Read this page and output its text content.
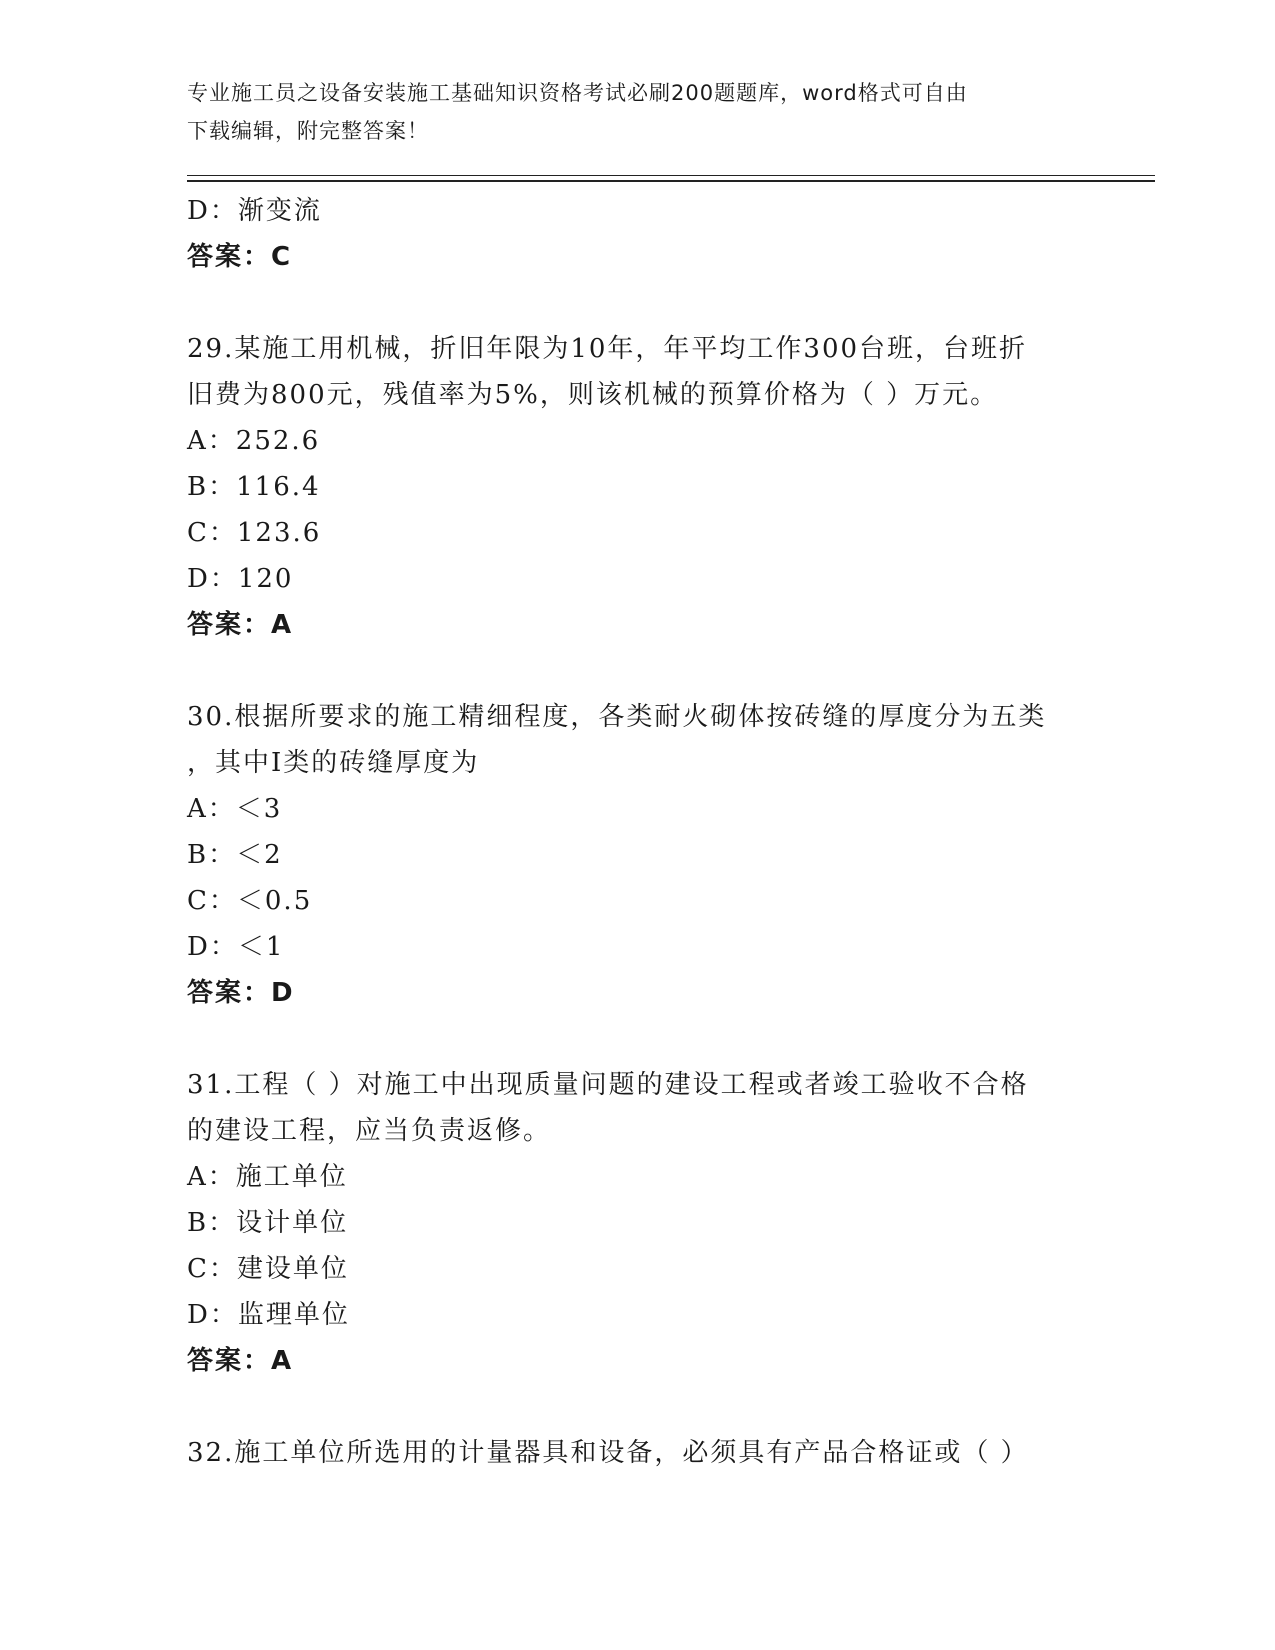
专业施工员之设备安装施工基础知识资格考试必刷200题题库，word格式可自由
下载编辑，附完整答案！
D：渐变流
答案：C
29.某施工用机械，折旧年限为10年，年平均工作300台班，台班折
旧费为800元，残值率为5%，则该机械的预算价格为（ ）万元。
A：252.6
B：116.4
C：123.6
D：120
答案：A
30.根据所要求的施工精细程度，各类耐火砌体按砖缝的厚度分为五类
，其中Ⅰ类的砖缝厚度为
A：＜3
B：＜2
C：＜0.5
D：＜1
答案：D
31.工程（ ）对施工中出现质量问题的建设工程或者竣工验收不合格
的建设工程，应当负责返修。
A：施工单位
B：设计单位
C：建设单位
D：监理单位
答案：A
32.施工单位所选用的计量器具和设备，必须具有产品合格证或（ ）
